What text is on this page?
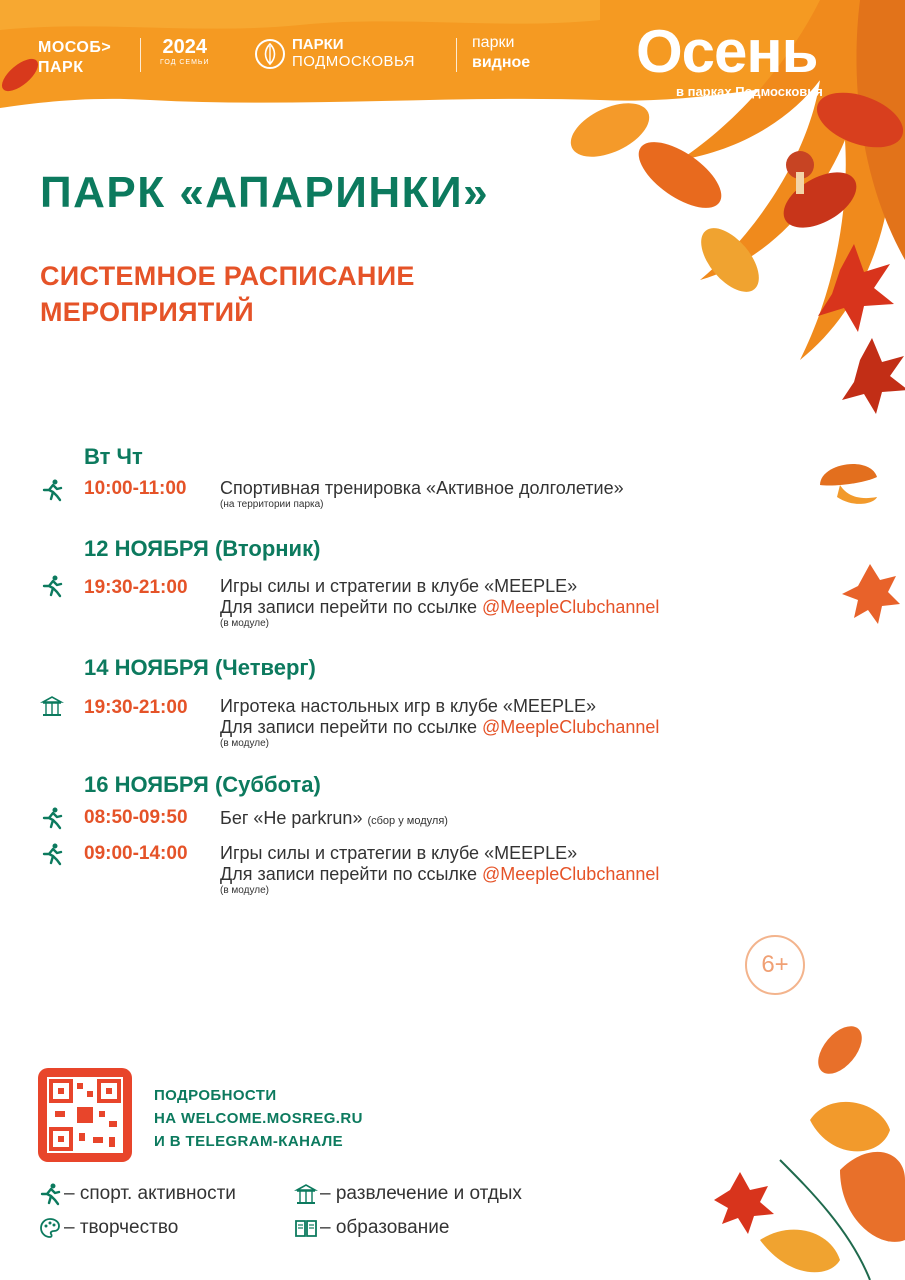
МОСОБ>
ПАРК
2024
ГОД СЕМЬИ
ПАРКИ
ПОДМОСКОВЬЯ
парки
видное Осень
в парках Подмосковья
ПАРК «АПАРИНКИ»
СИСТЕМНОЕ РАСПИСАНИЕ
МЕРОПРИЯТИЙ
Вт Чт
10:00-11:00 Спортивная тренировка «Активное долголетие»
(на территории парка)
12 НОЯБРЯ (Вторник)
19:30-21:00 Игры силы и стратегии в клубе «MEEPLE»
Для записи перейти по ссылке @MeepleClubchannel
(в модуле)
14 НОЯБРЯ (Четверг)
19:30-21:00 Игротека настольных игр в клубе «MEEPLE»
Для записи перейти по ссылке @MeepleClubchannel
(в модуле)
16 НОЯБРЯ (Суббота)
08:50-09:50 Бег «Не parkrun» (сбор у модуля)
09:00-14:00 Игры силы и стратегии в клубе «MEEPLE»
Для записи перейти по ссылке @MeepleClubchannel
(в модуле)
6+
ПОДРОБНОСТИ
НА WELCOME.MOSREG.RU
И В TELEGRAM-КАНАЛЕ
– спорт. активности	– развлечение и отдых
– творчество	– образование
